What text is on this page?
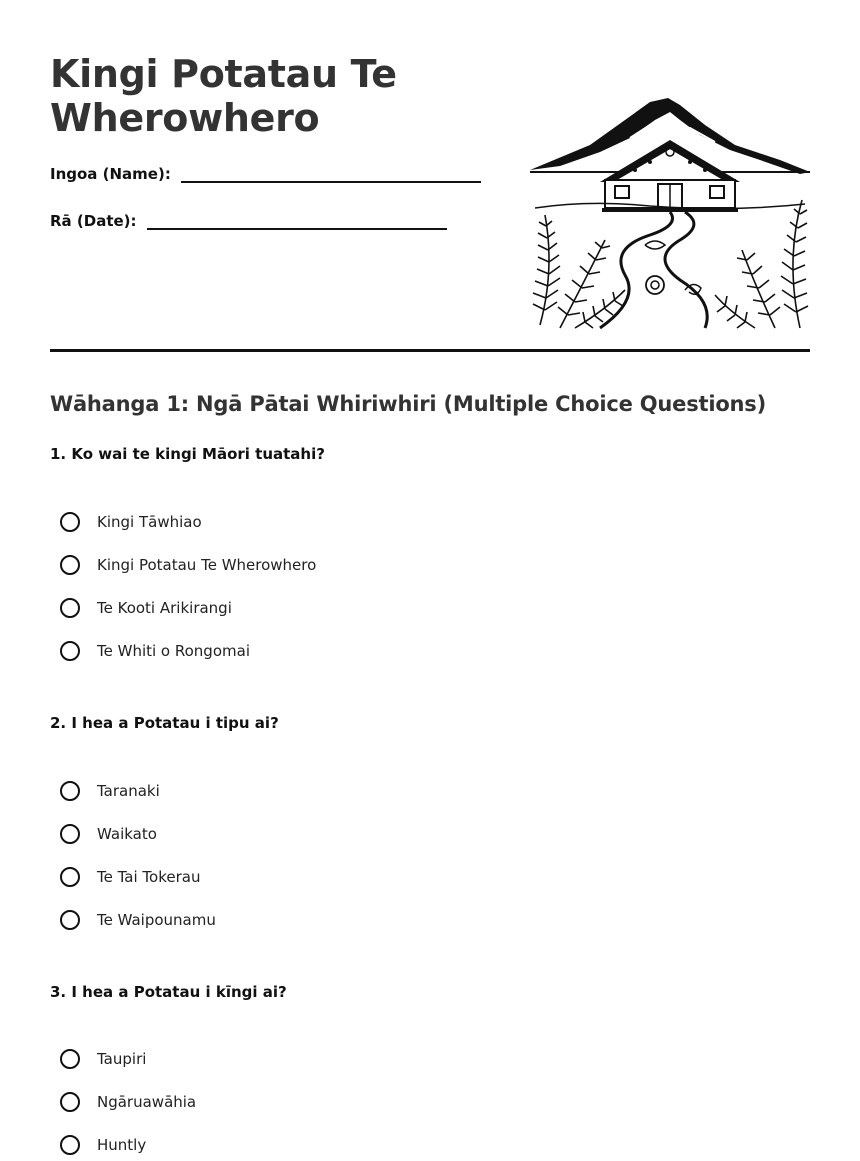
Kingi Potatau Te Wherowhero
Ingoa (Name):
Rā (Date):
Wāhanga 1: Ngā Pātai Whiriwhiri (Multiple Choice Questions)

1. Ko wai te kingi Māori tuatahi?

Kingi Tāwhiao
Kingi Potatau Te Wherowhero
Te Kooti Arikirangi
Te Whiti o Rongomai

2. I hea a Potatau i tipu ai?

Taranaki
Waikato
Te Tai Tokerau
Te Waipounamu

3. I hea a Potatau i kīngi ai?

Taupiri
Ngāruawāhia
Huntly
